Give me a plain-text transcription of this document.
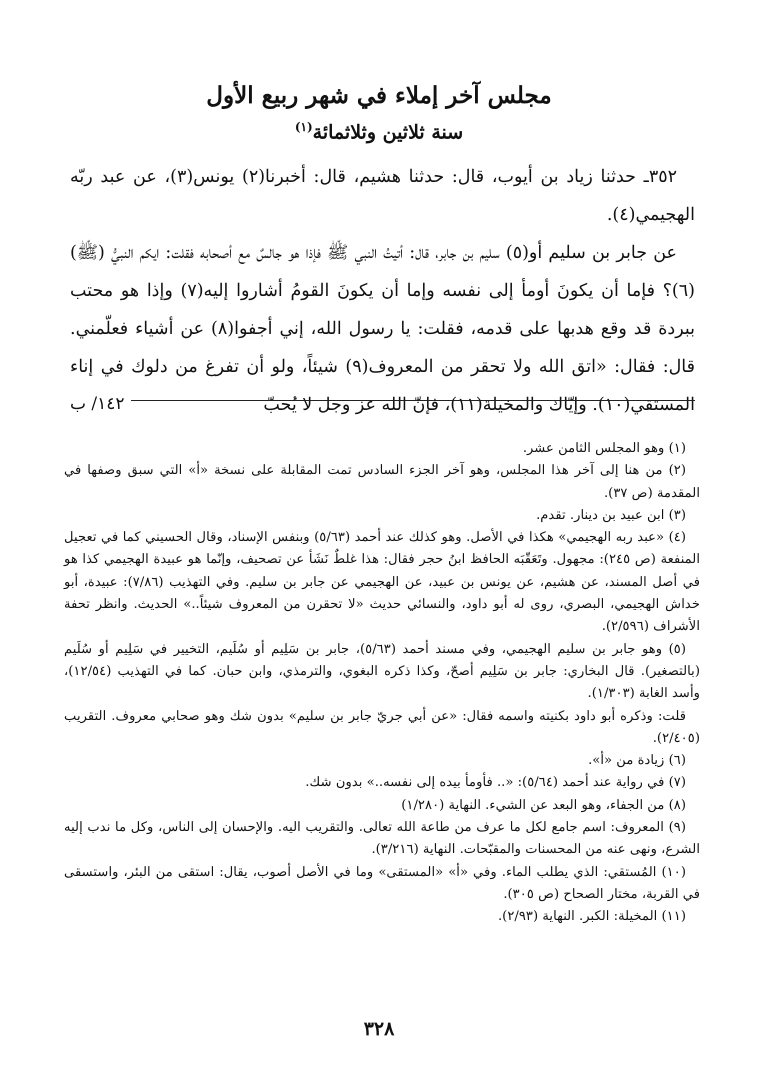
مجلس آخر إملاء في شهر ربيع الأول
سنة ثلاثين وثلاثمائة$^{(١)}$

٣٥٢ـ حدثنا زياد بن أيوب، قال: حدثنا هشيم، قال: أخبرنا(٢) يونس(٣)، عن عبد ربّه الهجيمي(٤).

عن جابر بن سليم أو(٥) سليم بن جابر، قال: أتيتُ النبي ﷺ فإذا هو جالسٌ مع أصحابه فقلت: ايكم النبيُّ (ﷺ)(٦)؟ فإما أن يكونَ أومأ إلى نفسه وإما أن يكونَ القومُ أشاروا إليه(٧) وإذا هو محتب ببردة قد وقع هدبها على قدمه، فقلت: يا رسول الله، إني أجفوا(٨) عن أشياء فعلّمني. قال: فقال: «اتق الله ولا تحقر من المعروف(٩) شيئاً، ولو أن تفرغ من دلوك في إناء المستقي(١٠). وإيّاك والمخيلة(١١)، فإنّ الله عز وجل لا يُحبّ

١٤٢/ ب

(١) وهو المجلس الثامن عشر.

(٢) من هنا إلى آخر هذا المجلس، وهو آخر الجزء السادس تمت المقابلة على نسخة «أ» التي سبق وصفها في المقدمة (ص ٣٧).

(٣) ابن عبيد بن دينار. تقدم.

(٤) «عبد ربه الهجيمي» هكذا في الأصل. وهو كذلك عند أحمد (٥/٦٣) وبنفس الإسناد، وقال الحسيني كما في تعجيل المنفعة (ص ٢٤٥): مجهول. وتَعَقّبَه الحافظ ابنُ حجر فقال: هذا غلطٌ نَشَأ عن تصحيف، وإنّما هو عبيدة الهجيمي كذا هو في أصل المسند، عن هشيم، عن يونس بن عبيد، عن الهجيمي عن جابر بن سليم. وفي التهذيب (٧/٨٦): عبيدة، أبو خداش الهجيمي، البصري، روى له أبو داود، والنسائي حديث «لا تحقرن من المعروف شيئاً..» الحديث. وانظر تحفة الأشراف (٢/٥٩٦).

(٥) وهو جابر بن سليم الهجيمي، وفي مسند أحمد (٥/٦٣)، جابر بن سَلِيم أو سُلَيم، التخيير في سَلِيم أو سُلَيم (بالتصغير). قال البخاري: جابر بن سَلِيم أصحّ، وكذا ذكره البغوي، والترمذي، وابن حبان. كما في التهذيب (١٢/٥٤)، وأسد الغابة (١/٣٠٣).

قلت: وذكره أبو داود بكنيته واسمه فقال: «عن أبي جريّ جابر بن سليم» بدون شك وهو صحابي معروف. التقريب (٢/٤٠٥).

(٦) زيادة من «أ».

(٧) في رواية عند أحمد (٥/٦٤): «.. فأومأ بيده إلى نفسه..» بدون شك.

(٨) من الجفاء، وهو البعد عن الشيء. النهاية (١/٢٨٠)

(٩) المعروف: اسم جامع لكل ما عرف من طاعة الله تعالى. والتقريب اليه. والإحسان إلى الناس، وكل ما ندب إليه الشرع، ونهى عنه من المحسنات والمقبّحات. النهاية (٣/٢١٦).

(١٠) المُستقي: الذي يطلب الماء. وفي «أ» «المستقى» وما في الأصل أصوب، يقال: استقى من البئر، واستسقى في القربة، مختار الصحاح (ص ٣٠٥).

(١١) المخيلة: الكبر. النهاية (٢/٩٣).

٣٢٨
